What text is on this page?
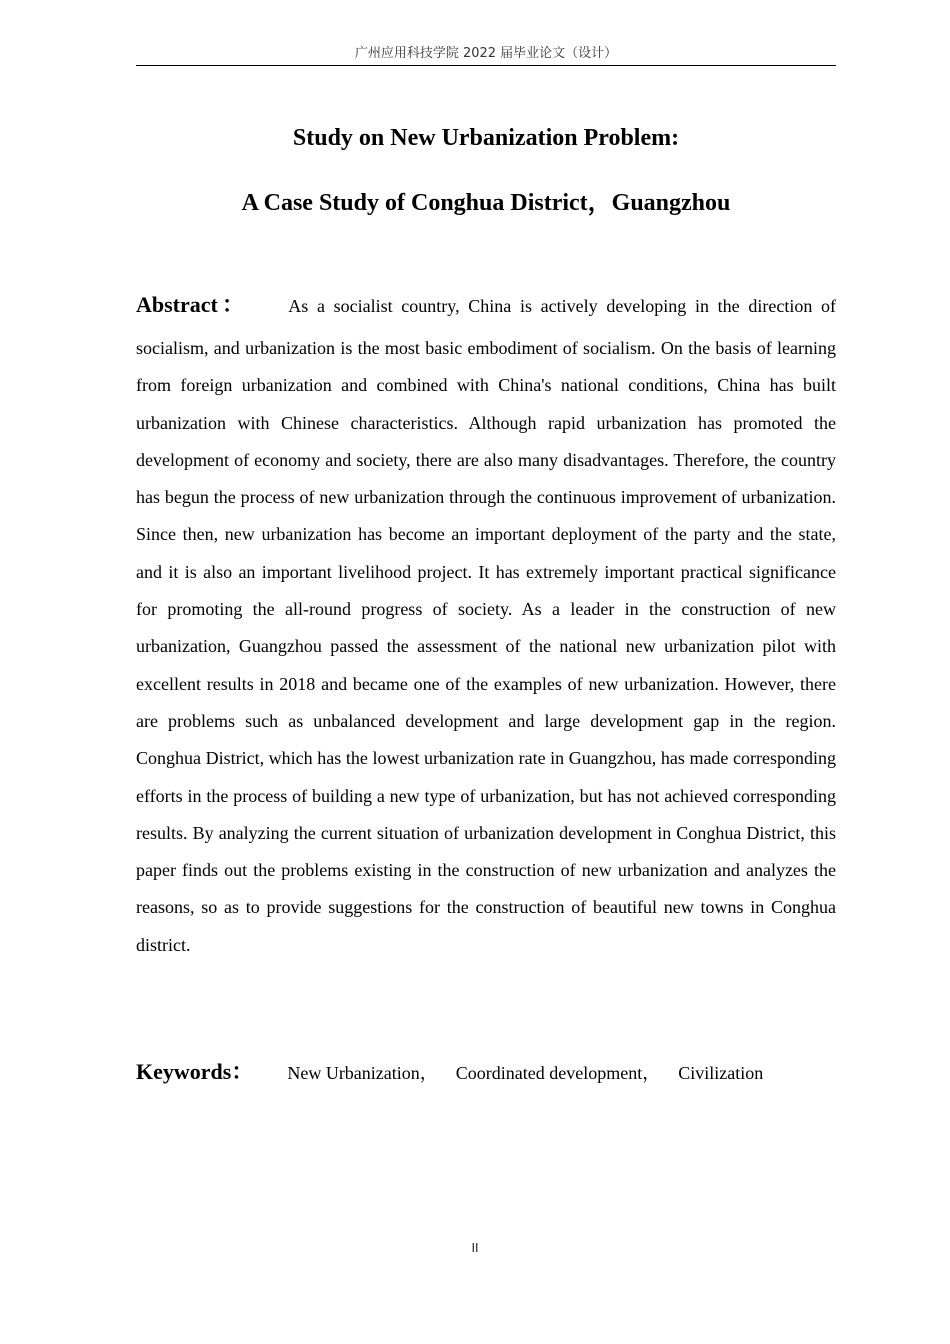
广州应用科技学院 2022 届毕业论文（设计）
Study on New Urbanization Problem:
A Case Study of Conghua District，Guangzhou
Abstract： As a socialist country, China is actively developing in the direction of
socialism, and urbanization is the most basic embodiment of socialism. On the basis of learning from foreign urbanization and combined with China's national conditions, China has built urbanization with Chinese characteristics. Although rapid urbanization has promoted the development of economy and society, there are also many disadvantages. Therefore, the country has begun the process of new urbanization through the continuous improvement of urbanization. Since then, new urbanization has become an important deployment of the party and the state, and it is also an important livelihood project. It has extremely important practical significance for promoting the all-round progress of society. As a leader in the construction of new urbanization, Guangzhou passed the assessment of the national new urbanization pilot with excellent results in 2018 and became one of the examples of new urbanization. However, there are problems such as unbalanced development and large development gap in the region. Conghua District, which has the lowest urbanization rate in Guangzhou, has made corresponding efforts in the process of building a new type of urbanization, but has not achieved corresponding results. By analyzing the current situation of urbanization development in Conghua District, this paper finds out the problems existing in the construction of new urbanization and analyzes the reasons, so as to provide suggestions for the construction of beautiful new towns in Conghua district.
Keywords： New Urbanization， Coordinated development， Civilization
II
